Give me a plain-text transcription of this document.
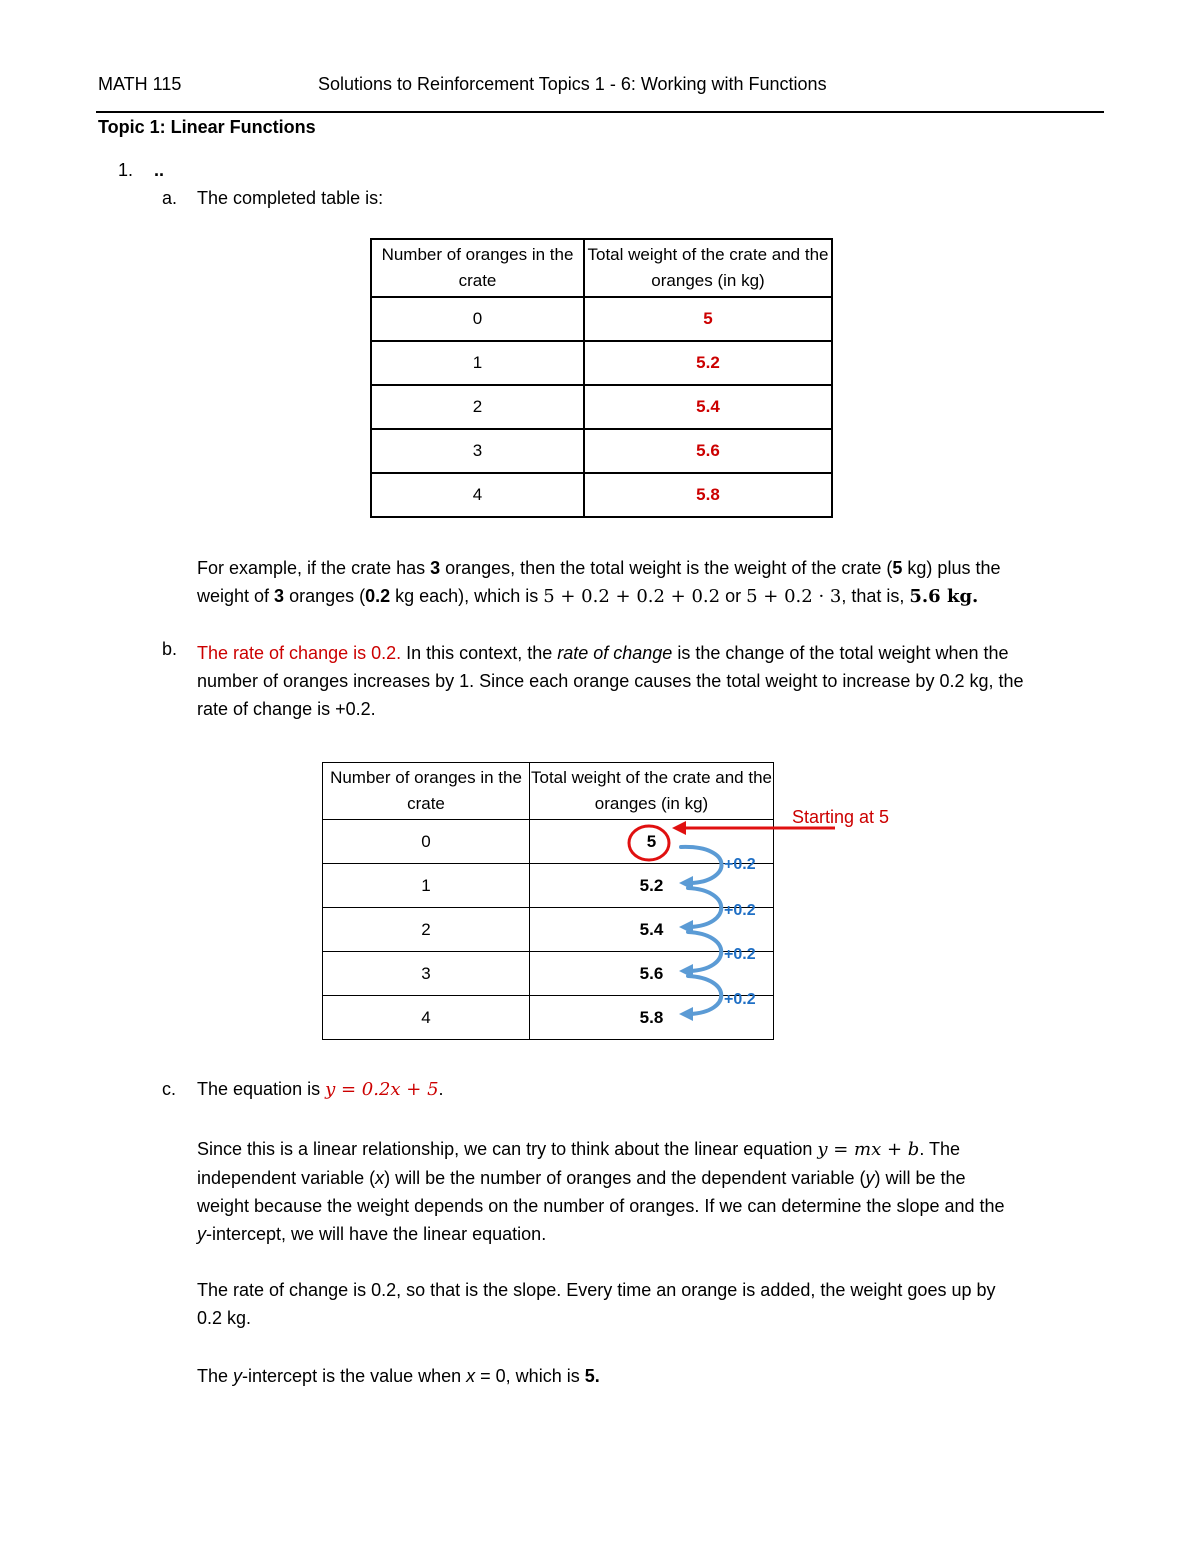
MATH 115	Solutions to Reinforcement Topics 1 - 6: Working with Functions
Topic 1: Linear Functions
1. ..
a. The completed table is:
Number of oranges in the crate	Total weight of the crate and the oranges (in kg)
0	5
1	5.2
2	5.4
3	5.6
4	5.8
For example, if the crate has 3 oranges, then the total weight is the weight of the crate (5 kg) plus the
weight of 3 oranges (0.2 kg each), which is 5 + 0.2 + 0.2 + 0.2 or 5 + 0.2 · 3, that is, 5.6 kg.
b. The rate of change is 0.2. In this context, the rate of change is the change of the total weight when the
number of oranges increases by 1. Since each orange causes the total weight to increase by 0.2 kg, the
rate of change is +0.2.
Number of oranges in the crate	Total weight of the crate and the oranges (in kg)
0	5
1	5.2
2	5.4
3	5.6
4	5.8
Starting at 5
+0.2
+0.2
+0.2
+0.2
c. The equation is y = 0.2x + 5.
Since this is a linear relationship, we can try to think about the linear equation y = mx + b. The
independent variable (x) will be the number of oranges and the dependent variable (y) will be the
weight because the weight depends on the number of oranges. If we can determine the slope and the
y-intercept, we will have the linear equation.
The rate of change is 0.2, so that is the slope. Every time an orange is added, the weight goes up by
0.2 kg.
The y-intercept is the value when x = 0, which is 5.
